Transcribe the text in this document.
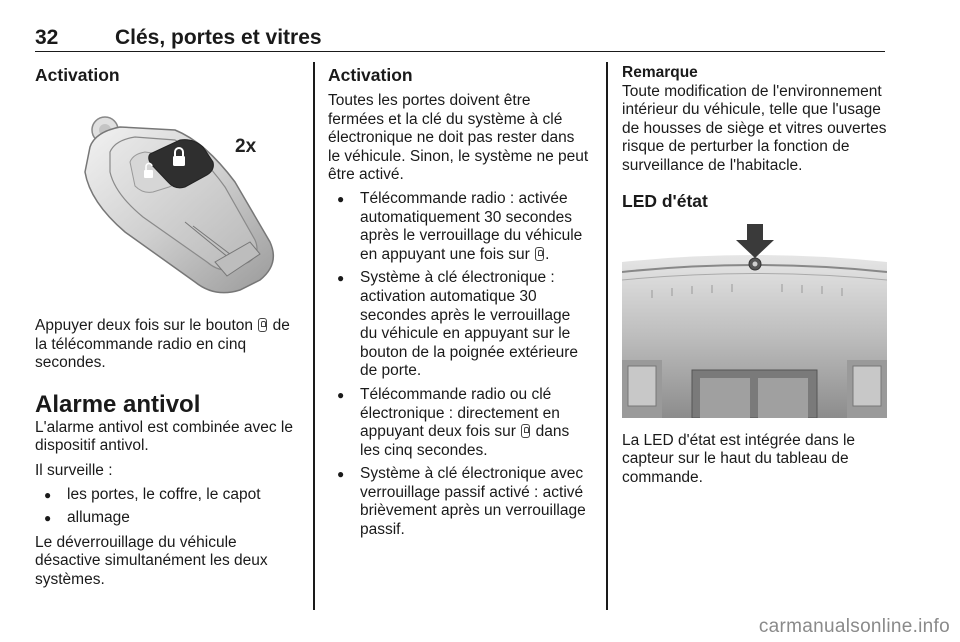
32	Clés, portes et vitres
Activation
2x

Appuyer deux fois sur le bouton de la télécommande radio en cinq secondes.

Alarme antivol

L'alarme antivol est combinée avec le dispositif antivol.

Il surveille :

● les portes, le coffre, le capot
● allumage

Le déverrouillage du véhicule désactive simultanément les deux systèmes.

Activation

Toutes les portes doivent être fermées et la clé du système à clé électronique ne doit pas rester dans le véhicule. Sinon, le système ne peut être activé.

● Télécommande radio : activée automatiquement 30 secondes après le verrouillage du véhicule en appuyant une fois sur .
● Système à clé électronique : activation automatique 30 secondes après le verrouillage du véhicule en appuyant sur le bouton de la poignée extérieure de porte.
● Télécommande radio ou clé électronique : directement en appuyant deux fois sur dans les cinq secondes.
● Système à clé électronique avec verrouillage passif activé : activé brièvement après un verrouillage passif.
Remarque

Toute modification de l'environnement intérieur du véhicule, telle que l'usage de housses de siège et vitres ouvertes risque de perturber la fonction de surveillance de l'habitacle.

LED d'état

La LED d'état est intégrée dans le capteur sur le haut du tableau de commande.

carmanualsonline.info
